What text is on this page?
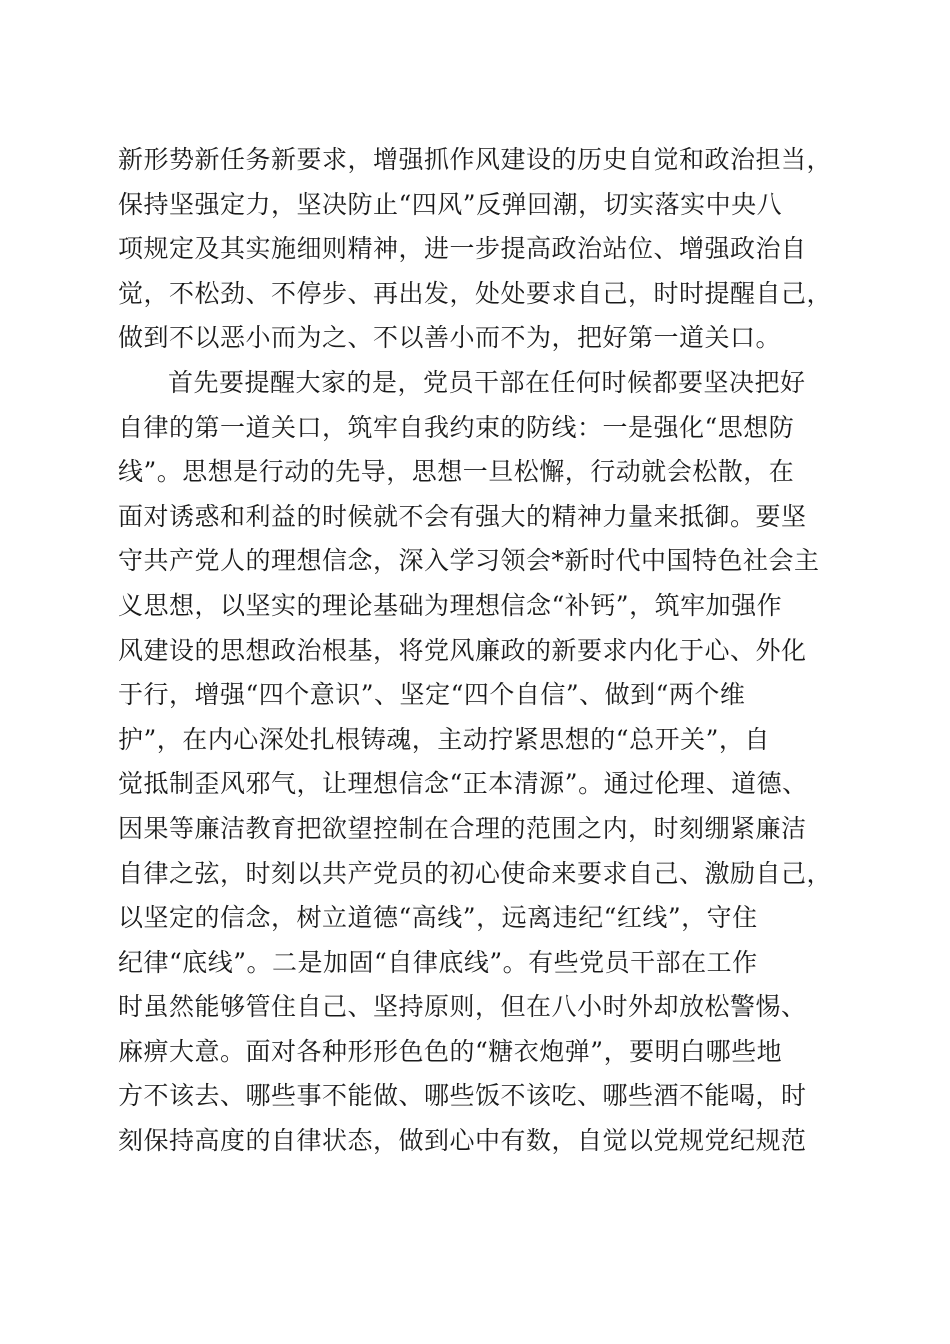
新形势新任务新要求，增强抓作风建设的历史自觉和政治担当，
保持坚强定力，坚决防止“四风”反弹回潮，切实落实中央八
项规定及其实施细则精神，进一步提高政治站位、增强政治自
觉，不松劲、不停步、再出发，处处要求自己，时时提醒自己，
做到不以恶小而为之、不以善小而不为，把好第一道关口。
首先要提醒大家的是，党员干部在任何时候都要坚决把好
自律的第一道关口，筑牢自我约束的防线：一是强化“思想防
线”。思想是行动的先导，思想一旦松懈，行动就会松散，在
面对诱惑和利益的时候就不会有强大的精神力量来抵御。要坚
守共产党人的理想信念，深入学习领会*新时代中国特色社会主
义思想，以坚实的理论基础为理想信念“补钙”，筑牢加强作
风建设的思想政治根基，将党风廉政的新要求内化于心、外化
于行，增强“四个意识”、坚定“四个自信”、做到“两个维
护”，在内心深处扎根铸魂，主动拧紧思想的“总开关”，自
觉抵制歪风邪气，让理想信念“正本清源”。通过伦理、道德、
因果等廉洁教育把欲望控制在合理的范围之内，时刻绷紧廉洁
自律之弦，时刻以共产党员的初心使命来要求自己、激励自己，
以坚定的信念，树立道德“高线”，远离违纪“红线”，守住
纪律“底线”。二是加固“自律底线”。有些党员干部在工作
时虽然能够管住自己、坚持原则，但在八小时外却放松警惕、
麻痹大意。面对各种形形色色的“糖衣炮弹”，要明白哪些地
方不该去、哪些事不能做、哪些饭不该吃、哪些酒不能喝，时
刻保持高度的自律状态，做到心中有数，自觉以党规党纪规范
